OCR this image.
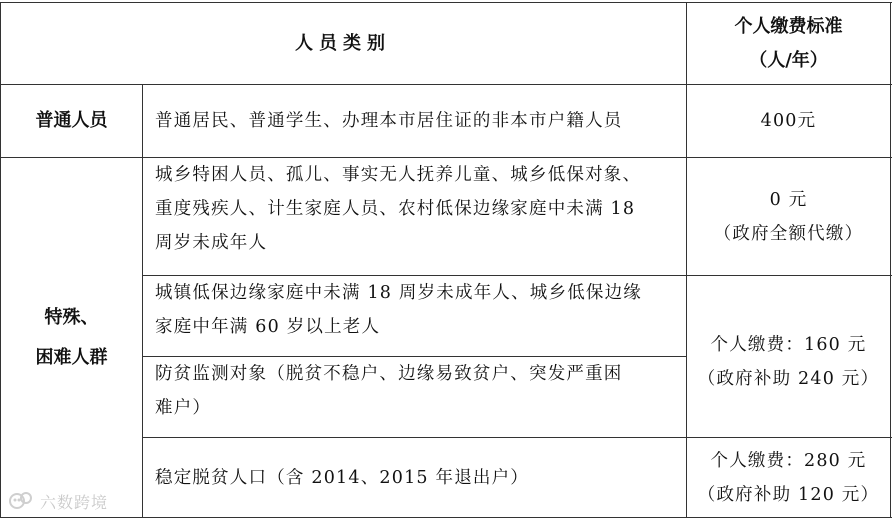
人员类别
个人缴费标准
（人/年）
普通人员	普通居民、普通学生、办理本市居住证的非本市户籍人员	400元
特殊、
困难人群
城乡特困人员、孤儿、事实无人抚养儿童、城乡低保对象、
重度残疾人、计生家庭人员、农村低保边缘家庭中未满 18
周岁未成年人
0 元
（政府全额代缴）
城镇低保边缘家庭中未满 18 周岁未成年人、城乡低保边缘
家庭中年满 60 岁以上老人
防贫监测对象（脱贫不稳户、边缘易致贫户、突发严重困
难户）
个人缴费：160 元
（政府补助 240 元）
稳定脱贫人口（含 2014、2015 年退出户）
个人缴费：280 元
（政府补助 120 元）
六数跨境
